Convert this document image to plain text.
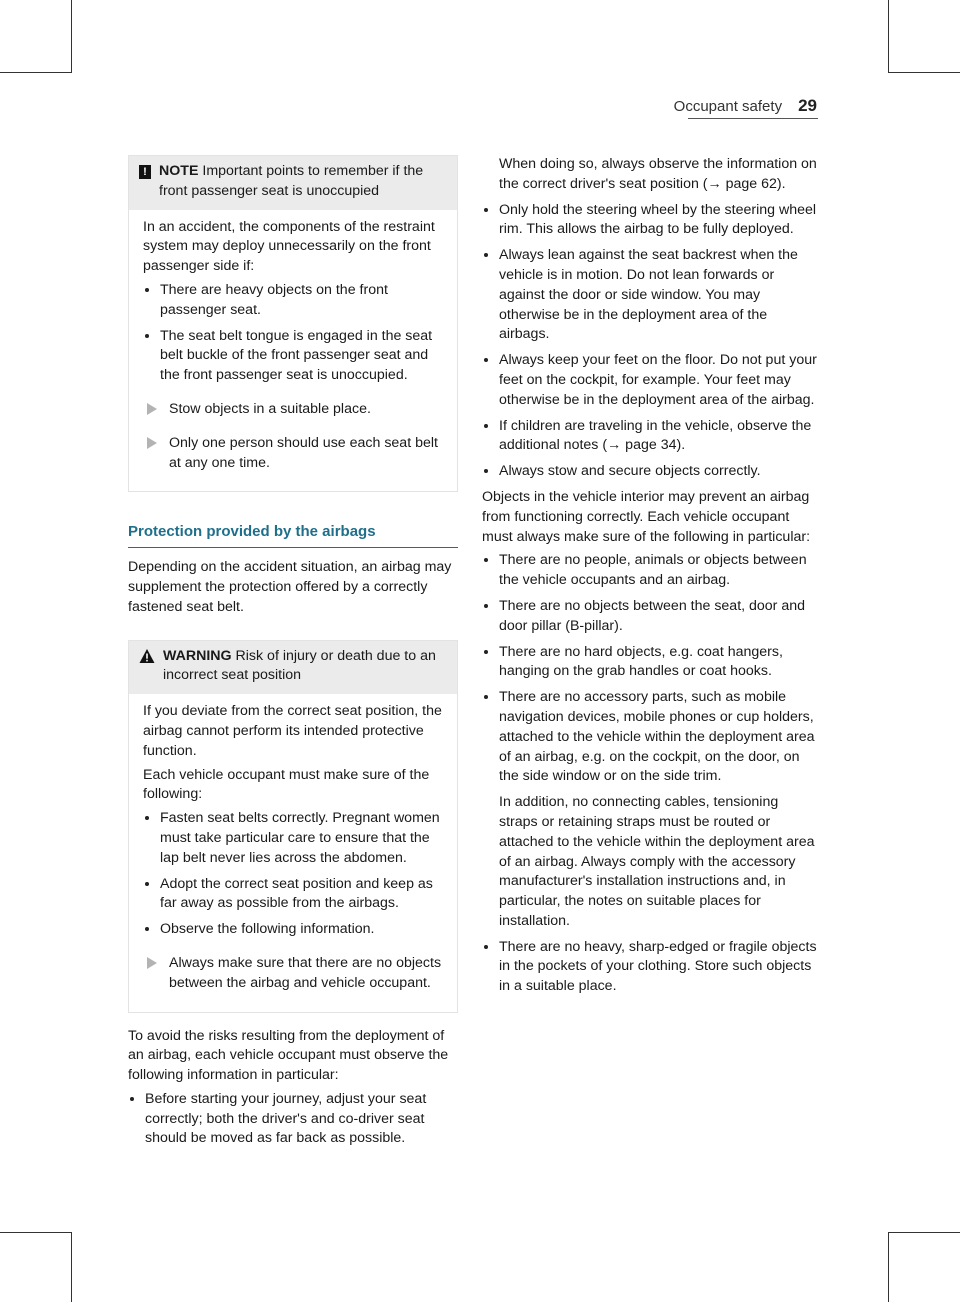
Occupant safety 29
! NOTE Important points to remember if the front passenger seat is unoccupied

In an accident, the components of the restraint system may deploy unnecessarily on the front passenger side if:

There are heavy objects on the front passenger seat.
The seat belt tongue is engaged in the seat belt buckle of the front passenger seat and the front passenger seat is unoccupied.
Stow objects in a suitable place.
Only one person should use each seat belt at any one time.
Protection provided by the airbags

Depending on the accident situation, an airbag may supplement the protection offered by a correctly fastened seat belt.

WARNING Risk of injury or death due to an incorrect seat position

If you deviate from the correct seat position, the airbag cannot perform its intended protective function.

Each vehicle occupant must make sure of the following:

Fasten seat belts correctly. Pregnant women must take particular care to ensure that the lap belt never lies across the abdomen.
Adopt the correct seat position and keep as far away as possible from the airbags.
Observe the following information.
Always make sure that there are no objects between the airbag and vehicle occupant.

To avoid the risks resulting from the deployment of an airbag, each vehicle occupant must observe the following information in particular:

Before starting your journey, adjust your seat correctly; both the driver's and co-driver seat should be moved as far back as possible.

When doing so, always observe the information on the correct driver's seat position (→ page 62).

Only hold the steering wheel by the steering wheel rim. This allows the airbag to be fully deployed.
Always lean against the seat backrest when the vehicle is in motion. Do not lean forwards or against the door or side window. You may otherwise be in the deployment area of the airbags.
Always keep your feet on the floor. Do not put your feet on the cockpit, for example. Your feet may otherwise be in the deployment area of the airbag.
If children are traveling in the vehicle, observe the additional notes (→ page 34).
Always stow and secure objects correctly.

Objects in the vehicle interior may prevent an airbag from functioning correctly. Each vehicle occupant must always make sure of the following in particular:

There are no people, animals or objects between the vehicle occupants and an airbag.
There are no objects between the seat, door and door pillar (B-pillar).
There are no hard objects, e.g. coat hangers, hanging on the grab handles or coat hooks.
There are no accessory parts, such as mobile navigation devices, mobile phones or cup holders, attached to the vehicle within the deployment area of an airbag, e.g. on the cockpit, on the door, on the side window or on the side trim.

In addition, no connecting cables, tensioning straps or retaining straps must be routed or attached to the vehicle within the deployment area of an airbag. Always comply with the accessory manufacturer's installation instructions and, in particular, the notes on suitable places for installation.

There are no heavy, sharp-edged or fragile objects in the pockets of your clothing. Store such objects in a suitable place.
